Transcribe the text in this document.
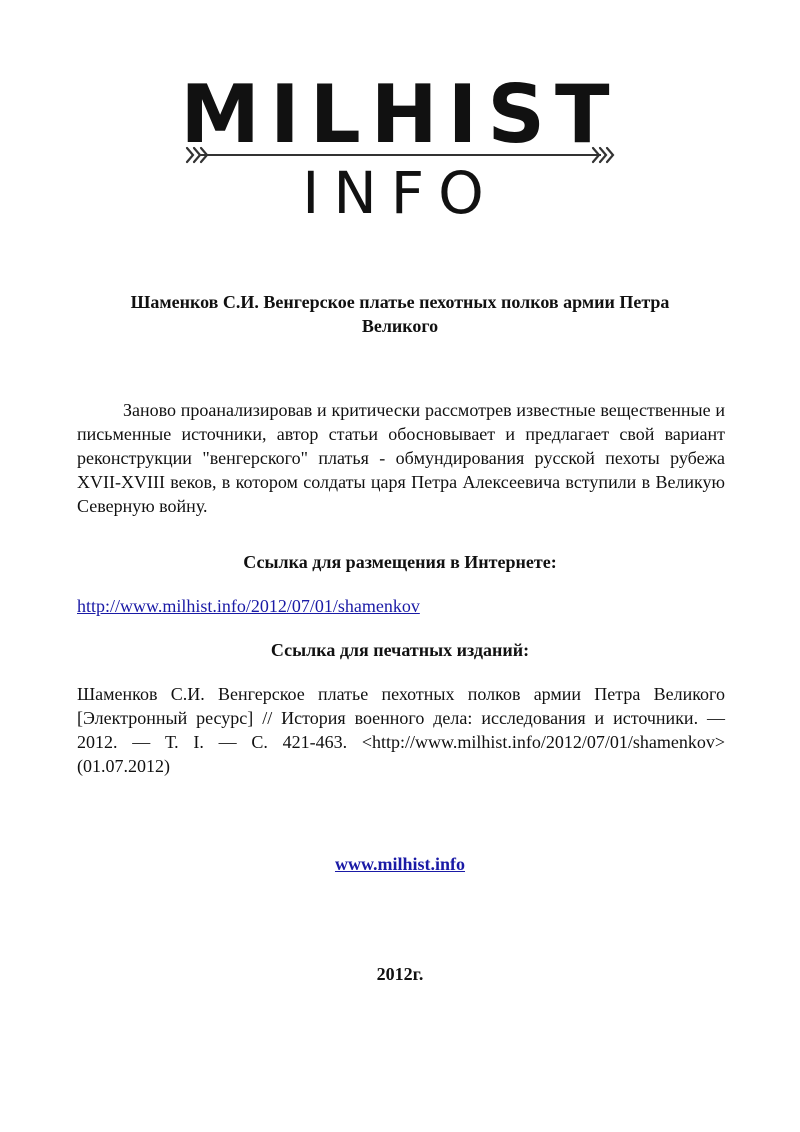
MILHIST
INFO
Шаменков С.И. Венгерское платье пехотных полков армии Петра Великого
Заново проанализировав и критически рассмотрев известные вещественные и письменные источники, автор статьи обосновывает и предлагает свой вариант реконструкции "венгерского" платья - обмундирования русской пехоты рубежа XVII-XVIII веков, в котором солдаты царя Петра Алексеевича вступили в Великую Северную войну.
Ссылка для размещения в Интернете:
http://www.milhist.info/2012/07/01/shamenkov
Ссылка для печатных изданий:
Шаменков С.И. Венгерское платье пехотных полков армии Петра Великого [Электронный ресурс] // История военного дела: исследования и источники. — 2012. — Т. I. — С. 421-463. <http://www.milhist.info/2012/07/01/shamenkov> (01.07.2012)
www.milhist.info
2012г.
